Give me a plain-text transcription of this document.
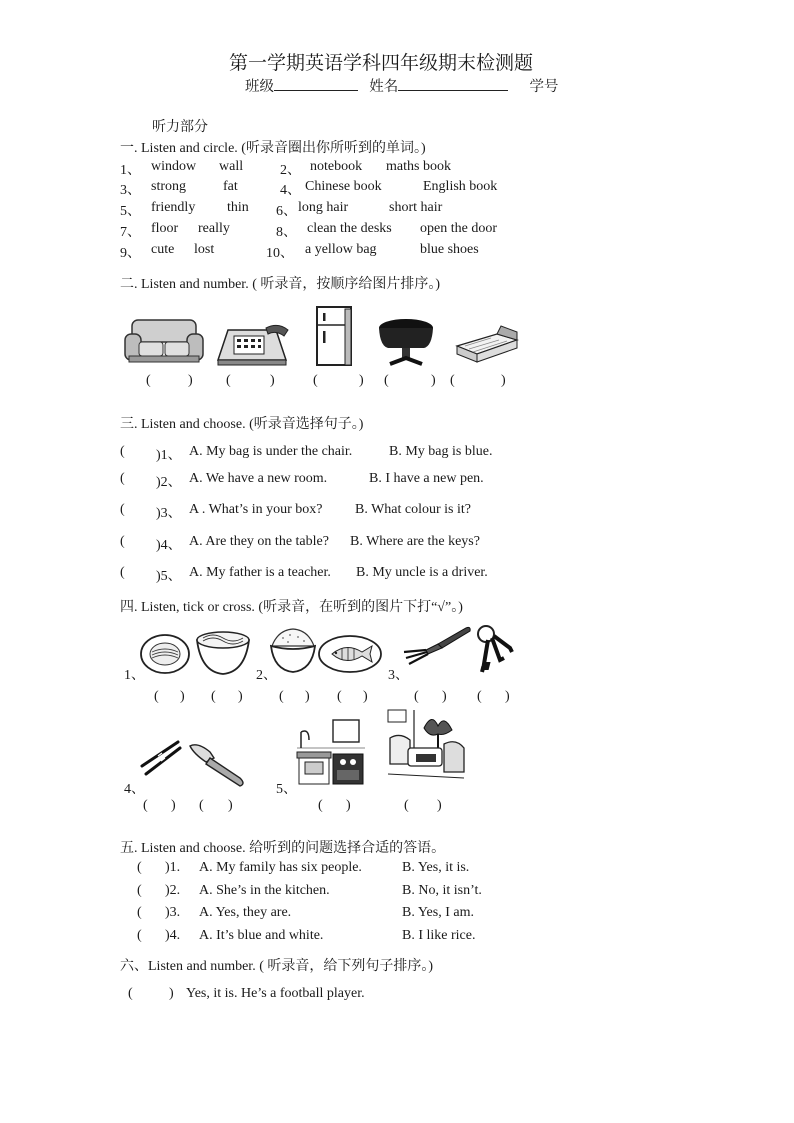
第一学期英语学科四年级期末检测题
班级	姓名	学号
听力部分
一. Listen and circle. (听录音圈出你所听到的单词。)
1、 window wall	2、 notebook maths book
3、 strong	fat	4、 Chinese book	English book
5、 friendly thin 6、 long hair	short hair
7、 floor really	8、 clean the desks open the door
9、 cute lost	10、 a yellow bag	blue shoes
二. Listen and number. ( 听录音，按顺序给图片排序。)
(	) (	)	(	) (	) (	)
三. Listen and choose. (听录音选择句子。)
( )1、 A. My bag is under the chair.	B. My bag is blue.
( )2、 A. We have a new room.	B. I have a new pen.
( )3、 A . What’s in your box? B. What colour is it?
( )4、 A. Are they on the table? B. Where are the keys?
( )5、 A. My father is a teacher. B. My uncle is a driver.
四. Listen, tick or cross. (听录音，在听到的图片下打“√”。)
1、	2、	3、
( ) ( )	( ) ( )	( ) ( )
4、	5、
( ) ( )	( )	( )
五. Listen and choose. 给听到的问题选择合适的答语。
( )1. A. My family has six people.	B. Yes, it is.
( )2. A. She’s in the kitchen.	B. No, it isn’t.
( )3. A. Yes, they are.	B. Yes, I am.
( )4. A. It’s blue and white.	B. I like rice.
六、Listen and number. ( 听录音，给下列句子排序。)
(	) Yes, it is. He’s a football player.
